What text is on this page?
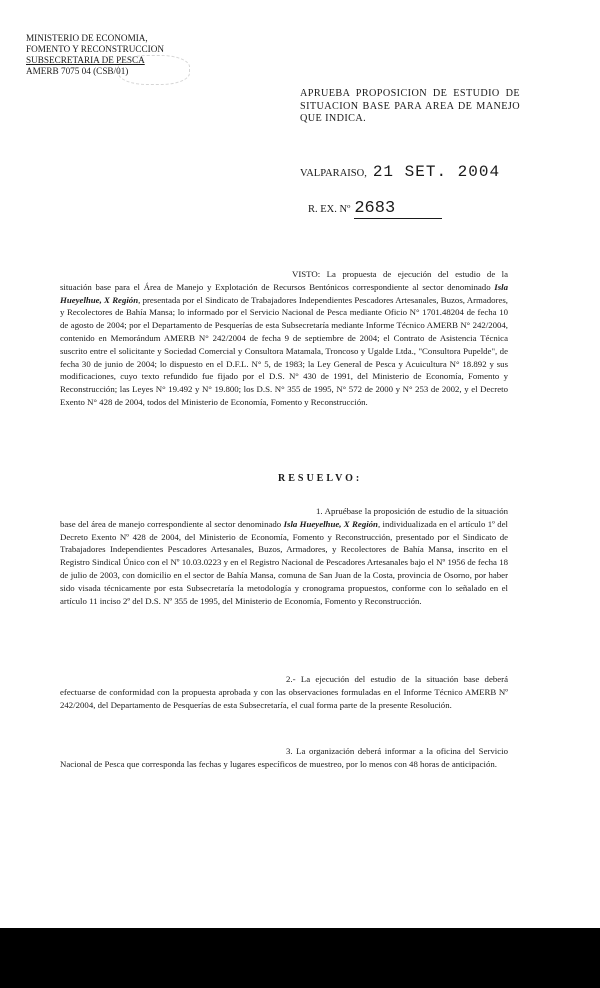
MINISTERIO DE ECONOMIA,
FOMENTO Y RECONSTRUCCION
SUBSECRETARIA DE PESCA
AMERB 7075 04 (CSB/01)
APRUEBA PROPOSICION DE ESTUDIO DE SITUACION BASE PARA AREA DE MANEJO QUE INDICA.
VALPARAISO, 21 SET. 2004
R. EX. Nº 2683
VISTO: La propuesta de ejecución del estudio de la situación base para el Área de Manejo y Explotación de Recursos Bentónicos correspondiente al sector denominado Isla Hueyelhue, X Región, presentada por el Sindicato de Trabajadores Independientes Pescadores Artesanales, Buzos, Armadores, y Recolectores de Bahía Mansa; lo informado por el Servicio Nacional de Pesca mediante Oficio N° 1701.48204 de fecha 10 de agosto de 2004; por el Departamento de Pesquerías de esta Subsecretaría mediante Informe Técnico AMERB N° 242/2004, contenido en Memorándum AMERB N° 242/2004 de fecha 9 de septiembre de 2004; el Contrato de Asistencia Técnica suscrito entre el solicitante y Sociedad Comercial y Consultora Matamala, Troncoso y Ugalde Ltda., "Consultora Pupelde", de fecha 30 de junio de 2004; lo dispuesto en el D.F.L. N° 5, de 1983; la Ley General de Pesca y Acuicultura N° 18.892 y sus modificaciones, cuyo texto refundido fue fijado por el D.S. N° 430 de 1991, del Ministerio de Economía, Fomento y Reconstrucción; las Leyes N° 19.492 y N° 19.800; los D.S. N° 355 de 1995, N° 572 de 2000 y N° 253 de 2002, y el Decreto Exento N° 428 de 2004, todos del Ministerio de Economía, Fomento y Reconstrucción.
RESUELVO:
1. Apruébase la proposición de estudio de la situación base del área de manejo correspondiente al sector denominado Isla Hueyelhue, X Región, individualizada en el artículo 1º del Decreto Exento Nº 428 de 2004, del Ministerio de Economía, Fomento y Reconstrucción, presentado por el Sindicato de Trabajadores Independientes Pescadores Artesanales, Buzos, Armadores, y Recolectores de Bahía Mansa, inscrito en el Registro Sindical Único con el Nº 10.03.0223 y en el Registro Nacional de Pescadores Artesanales bajo el Nº 1956 de fecha 18 de julio de 2003, con domicilio en el sector de Bahía Mansa, comuna de San Juan de la Costa, provincia de Osorno, por haber sido visada técnicamente por esta Subsecretaría la metodología y cronograma propuestos, conforme con lo señalado en el artículo 11 inciso 2º del D.S. Nº 355 de 1995, del Ministerio de Economía, Fomento y Reconstrucción.
2.- La ejecución del estudio de la situación base deberá efectuarse de conformidad con la propuesta aprobada y con las observaciones formuladas en el Informe Técnico AMERB Nº 242/2004, del Departamento de Pesquerías de esta Subsecretaría, el cual forma parte de la presente Resolución.
3. La organización deberá informar a la oficina del Servicio Nacional de Pesca que corresponda las fechas y lugares específicos de muestreo, por lo menos con 48 horas de anticipación.
